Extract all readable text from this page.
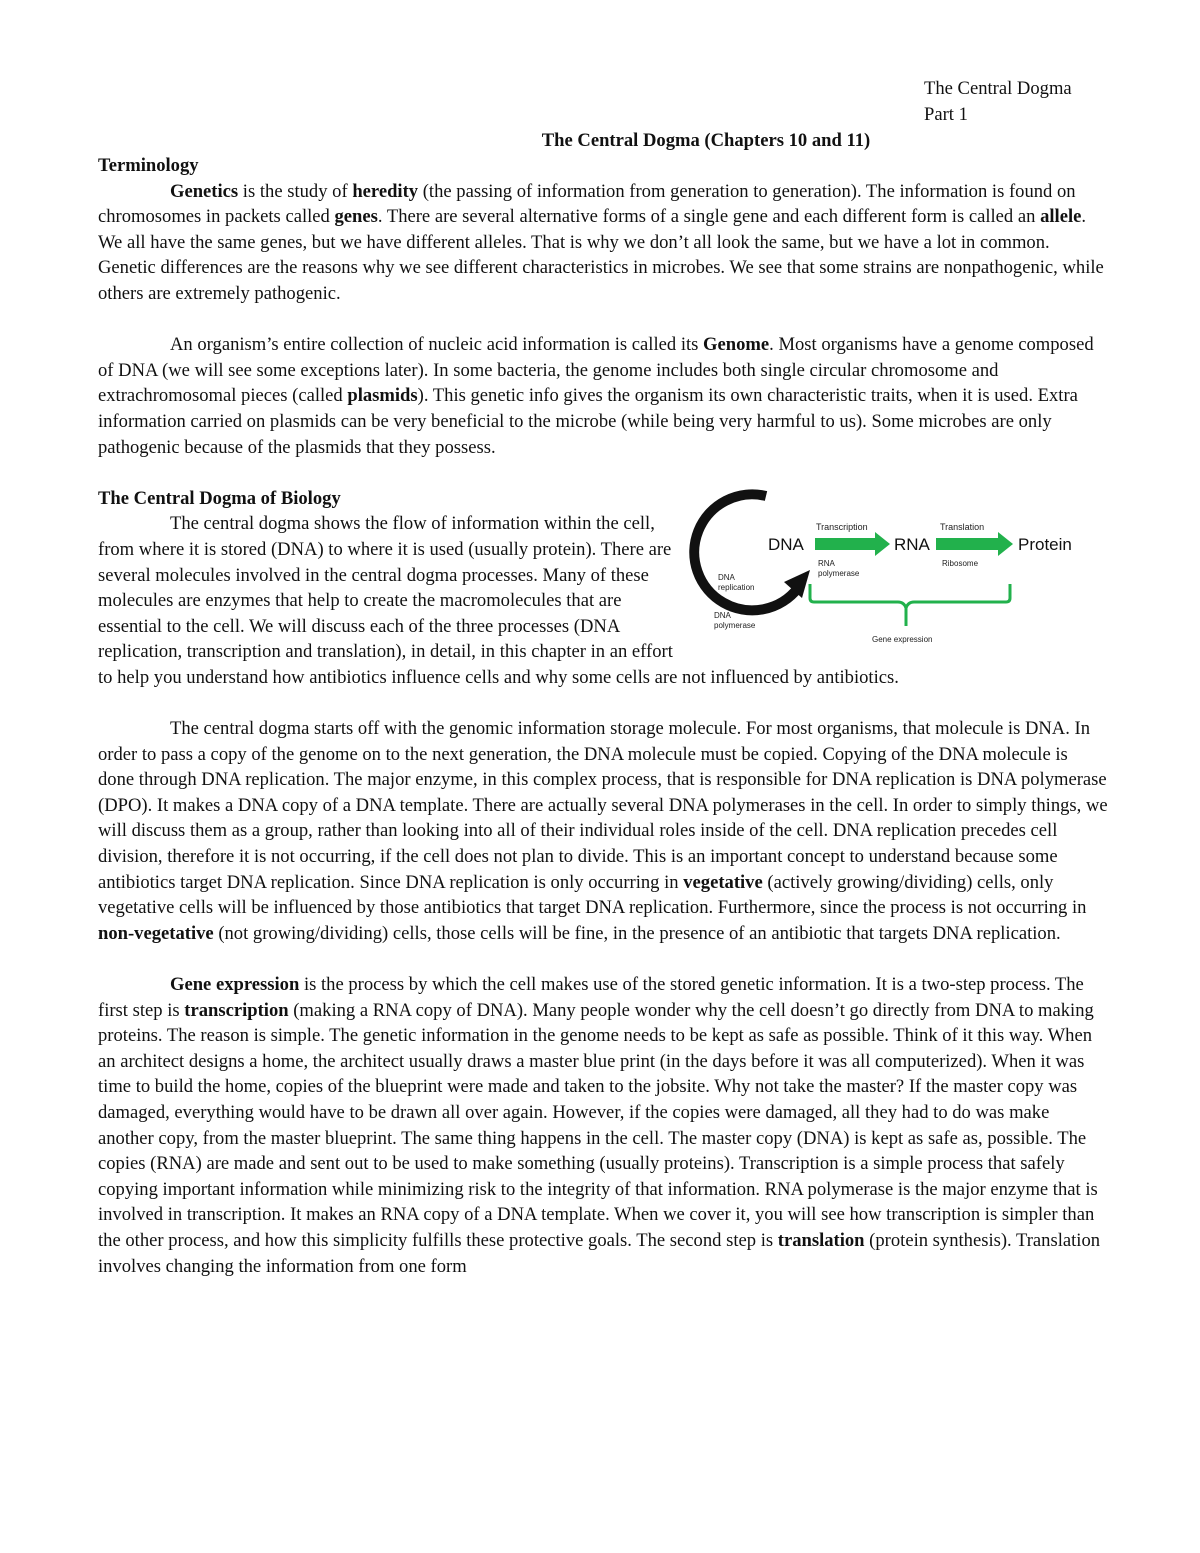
The Central Dogma
Part 1
The Central Dogma (Chapters 10 and 11)

Terminology

Genetics is the study of heredity (the passing of information from generation to generation). The information is found on chromosomes in packets called genes. There are several alternative forms of a single gene and each different form is called an allele. We all have the same genes, but we have different alleles. That is why we don’t all look the same, but we have a lot in common. Genetic differences are the reasons why we see different characteristics in microbes. We see that some strains are nonpathogenic, while others are extremely pathogenic.

An organism’s entire collection of nucleic acid information is called its Genome. Most organisms have a genome composed of DNA (we will see some exceptions later). In some bacteria, the genome includes both single circular chromosome and extrachromosomal pieces (called plasmids). This genetic info gives the organism its own characteristic traits, when it is used. Extra information carried on plasmids can be very beneficial to the microbe (while being very harmful to us). Some microbes are only pathogenic because of the plasmids that they possess.

DNA
Transcription
RNA
polymerase
RNA
Translation
Ribosome
Protein
DNA
replication
DNA
polymerase
Gene expression

The Central Dogma of Biology

The central dogma shows the flow of information within the cell, from where it is stored (DNA) to where it is used (usually protein). There are several molecules involved in the central dogma processes. Many of these molecules are enzymes that help to create the macromolecules that are essential to the cell. We will discuss each of the three processes (DNA replication, transcription and translation), in detail, in this chapter in an effort to help you understand how antibiotics influence cells and why some cells are not influenced by antibiotics.

The central dogma starts off with the genomic information storage molecule. For most organisms, that molecule is DNA. In order to pass a copy of the genome on to the next generation, the DNA molecule must be copied. Copying of the DNA molecule is done through DNA replication. The major enzyme, in this complex process, that is responsible for DNA replication is DNA polymerase (DPO). It makes a DNA copy of a DNA template. There are actually several DNA polymerases in the cell. In order to simply things, we will discuss them as a group, rather than looking into all of their individual roles inside of the cell. DNA replication precedes cell division, therefore it is not occurring, if the cell does not plan to divide. This is an important concept to understand because some antibiotics target DNA replication. Since DNA replication is only occurring in vegetative (actively growing/dividing) cells, only vegetative cells will be influenced by those antibiotics that target DNA replication. Furthermore, since the process is not occurring in non-vegetative (not growing/dividing) cells, those cells will be fine, in the presence of an antibiotic that targets DNA replication.

Gene expression is the process by which the cell makes use of the stored genetic information. It is a two-step process. The first step is transcription (making a RNA copy of DNA). Many people wonder why the cell doesn’t go directly from DNA to making proteins. The reason is simple. The genetic information in the genome needs to be kept as safe as possible. Think of it this way. When an architect designs a home, the architect usually draws a master blue print (in the days before it was all computerized). When it was time to build the home, copies of the blueprint were made and taken to the jobsite. Why not take the master? If the master copy was damaged, everything would have to be drawn all over again. However, if the copies were damaged, all they had to do was make another copy, from the master blueprint. The same thing happens in the cell. The master copy (DNA) is kept as safe as, possible. The copies (RNA) are made and sent out to be used to make something (usually proteins). Transcription is a simple process that safely copying important information while minimizing risk to the integrity of that information. RNA polymerase is the major enzyme that is involved in transcription. It makes an RNA copy of a DNA template. When we cover it, you will see how transcription is simpler than the other process, and how this simplicity fulfills these protective goals. The second step is translation (protein synthesis). Translation involves changing the information from one form
